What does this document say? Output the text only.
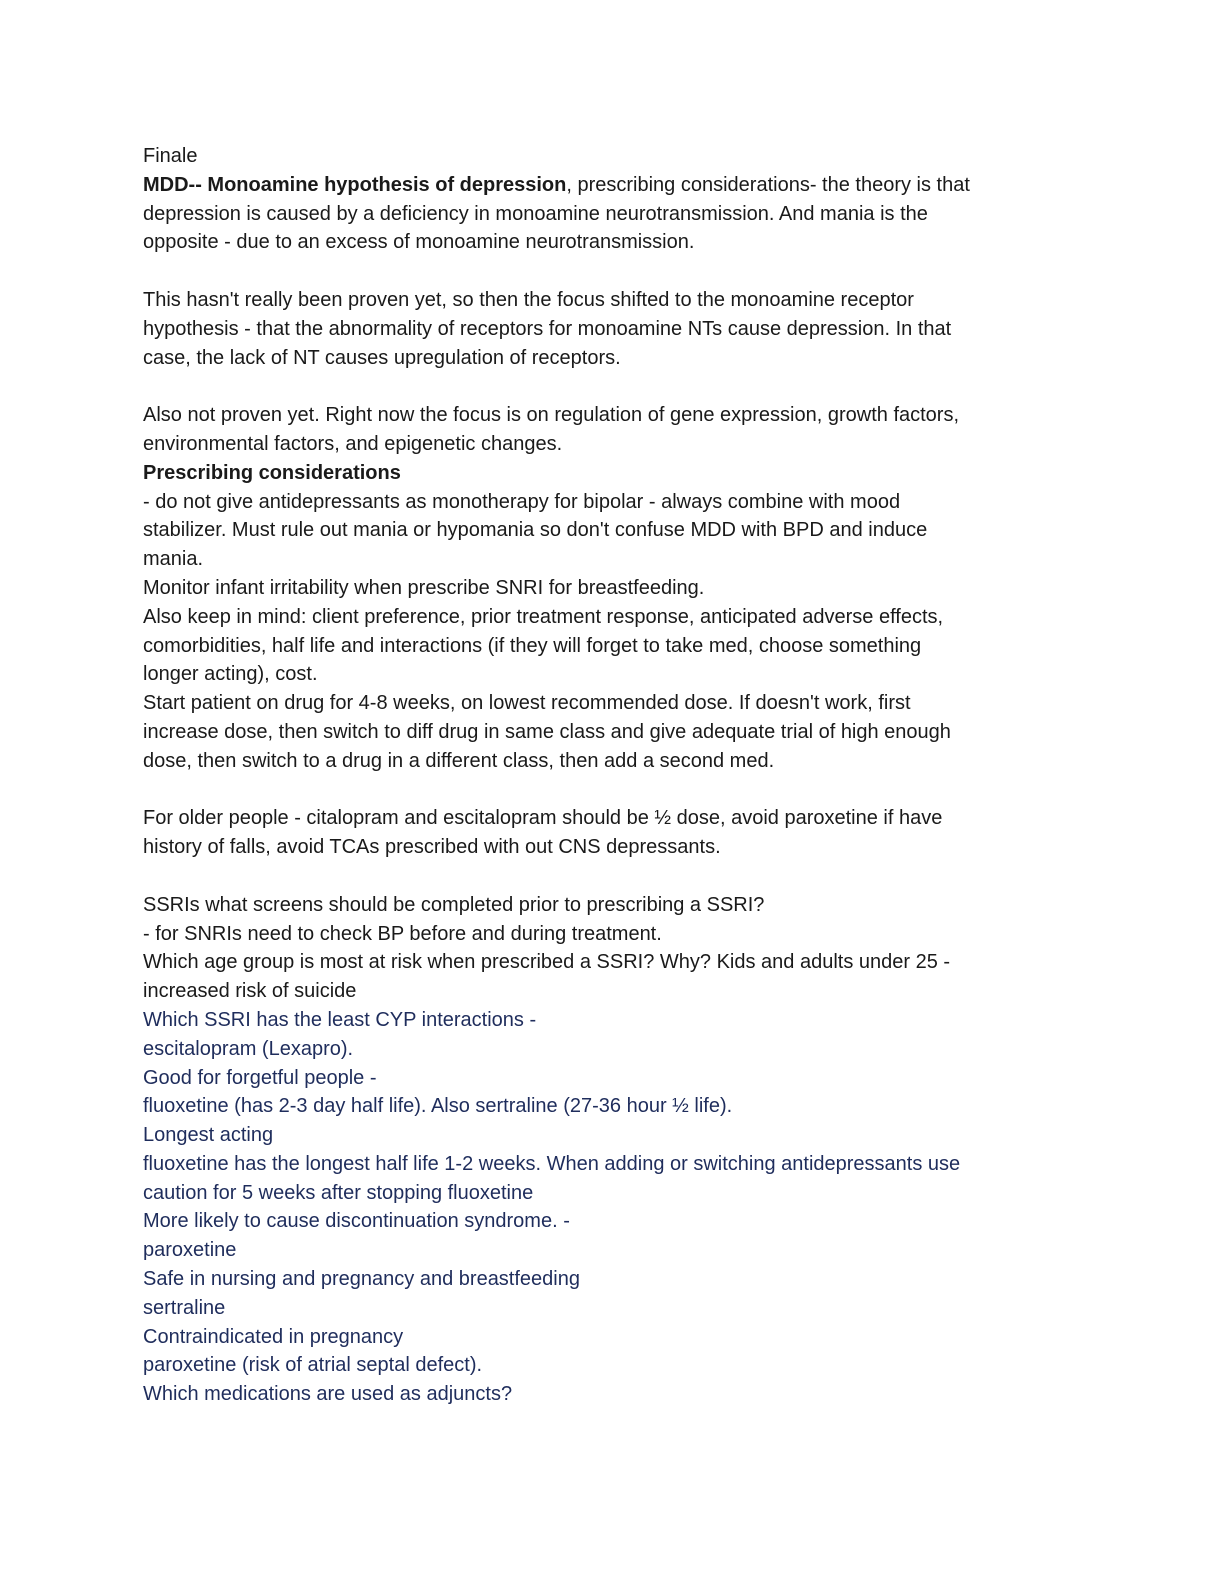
Finale
MDD-- Monoamine hypothesis of depression, prescribing considerations- the theory is that
depression is caused by a deficiency in monoamine neurotransmission. And mania is the
opposite - due to an excess of monoamine neurotransmission.
This hasn't really been proven yet, so then the focus shifted to the monoamine receptor
hypothesis - that the abnormality of receptors for monoamine NTs cause depression. In that
case, the lack of NT causes upregulation of receptors.
Also not proven yet. Right now the focus is on regulation of gene expression, growth factors,
environmental factors, and epigenetic changes.
Prescribing considerations
- do not give antidepressants as monotherapy for bipolar - always combine with mood
stabilizer. Must rule out mania or hypomania so don't confuse MDD with BPD and induce
mania.
Monitor infant irritability when prescribe SNRI for breastfeeding.
Also keep in mind: client preference, prior treatment response, anticipated adverse effects,
comorbidities, half life and interactions (if they will forget to take med, choose something
longer acting), cost.
Start patient on drug for 4-8 weeks, on lowest recommended dose. If doesn't work, first
increase dose, then switch to diff drug in same class and give adequate trial of high enough
dose, then switch to a drug in a different class, then add a second med.
For older people - citalopram and escitalopram should be ½ dose, avoid paroxetine if have
history of falls, avoid TCAs prescribed with out CNS depressants.
SSRIs what screens should be completed prior to prescribing a SSRI?
- for SNRIs need to check BP before and during treatment.
Which age group is most at risk when prescribed a SSRI? Why? Kids and adults under 25 -
increased risk of suicide
Which SSRI has the least CYP interactions -
escitalopram (Lexapro).
Good for forgetful people -
fluoxetine (has 2-3 day half life). Also sertraline (27-36 hour ½ life).
Longest acting
fluoxetine has the longest half life 1-2 weeks. When adding or switching antidepressants use
caution for 5 weeks after stopping fluoxetine
More likely to cause discontinuation syndrome. -
paroxetine
Safe in nursing and pregnancy and breastfeeding
sertraline
Contraindicated in pregnancy
paroxetine (risk of atrial septal defect).
Which medications are used as adjuncts?
